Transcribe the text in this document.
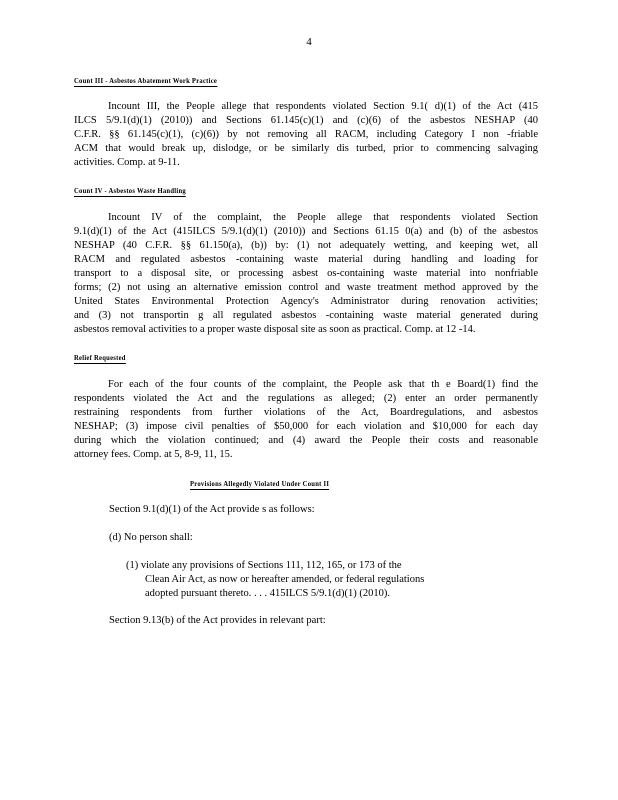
4
Count III - Asbestos Abatement Work Practice
Incount III, the People allege that respondents violated Section 9.1( d)(1) of the Act (415
ILCS 5/9.1(d)(1) (2010)) and Sections 61.145(c)(1) and (c)(6) of the asbestos NESHAP (40
C.F.R. §§ 61.145(c)(1), (c)(6)) by not removing all RACM, including Category I non -friable
ACM that would break up, dislodge, or be similarly dis turbed, prior to commencing salvaging
activities. Comp. at 9-11.
Count IV - Asbestos Waste Handling
Incount IV of the complaint, the People allege that respondents violated Section
9.1(d)(1) of the Act (415ILCS 5/9.1(d)(1) (2010)) and Sections 61.15 0(a) and (b) of the asbestos
NESHAP (40 C.F.R. §§ 61.150(a), (b)) by: (1) not adequately wetting, and keeping wet, all
RACM and regulated asbestos -containing waste material during handling and loading for
transport to a disposal site, or processing asbest os-containing waste material into nonfriable
forms; (2) not using an alternative emission control and waste treatment method approved by the
United States Environmental Protection Agency's Administrator during renovation activities;
and (3) not transportin g all regulated asbestos -containing waste material generated during
asbestos removal activities to a proper waste disposal site as soon as practical. Comp. at 12 -14.
Relief Requested
For each of the four counts of the complaint, the People ask that th e Board(1) find the
respondents violated the Act and the regulations as alleged; (2) enter an order permanently
restraining respondents from further violations of the Act, Boardregulations, and asbestos
NESHAP; (3) impose civil penalties of $50,000 for each violation and $10,000 for each day
during which the violation continued; and (4) award the People their costs and reasonable
attorney fees. Comp. at 5, 8-9, 11, 15.
Provisions Allegedly Violated Under Count II
Section 9.1(d)(1) of the Act provide s as follows:
(d) No person shall:
(1) violate any provisions of Sections 111, 112, 165, or 173 of the
Clean Air Act, as now or hereafter amended, or federal regulations
adopted pursuant thereto. . . . 415ILCS 5/9.1(d)(1) (2010).
Section 9.13(b) of the Act provides in relevant part:
